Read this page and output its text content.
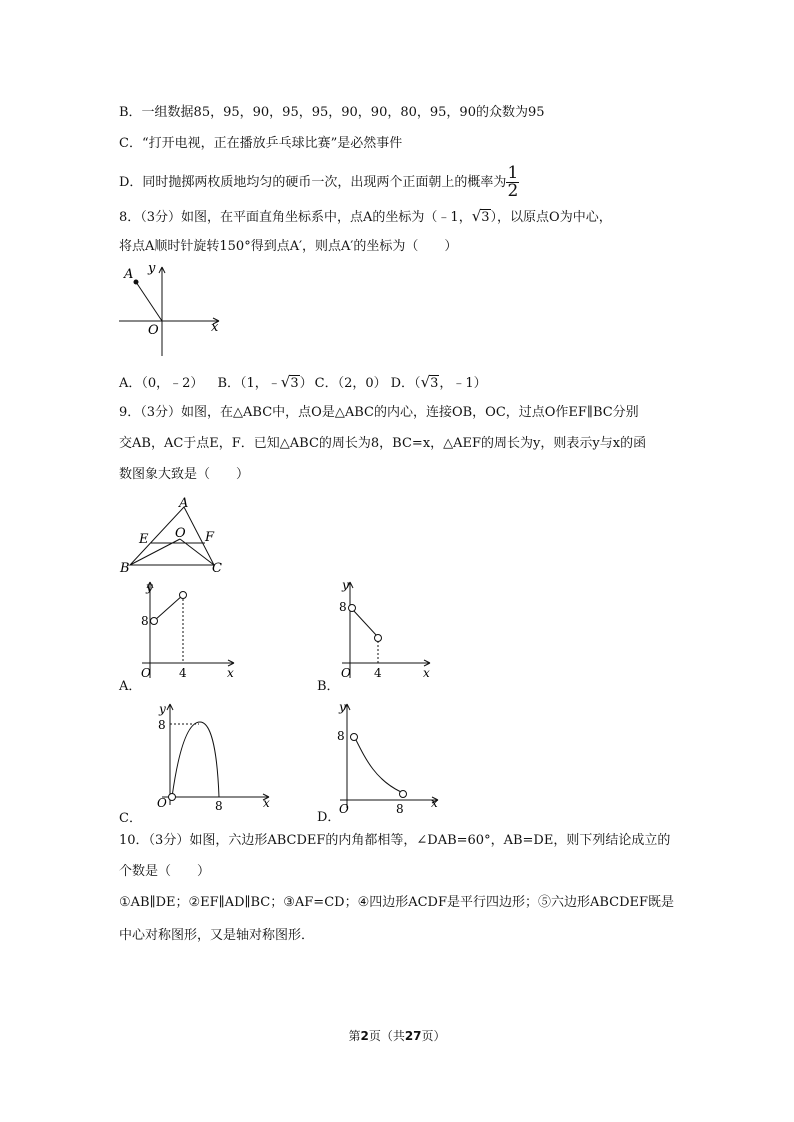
B．一组数据85，95，90，95，95，90，90，80，95，90的众数为95
C．“打开电视，正在播放乒乓球比赛”是必然事件
D．同时抛掷两枚质地均匀的硬币一次，出现两个正面朝上的概率为 $\frac{1}{2}$
8．（3分）如图，在平面直角坐标系中，点A的坐标为（﹣1，√3），以原点O为中心，
将点A顺时针旋转150°得到点A′，则点A′的坐标为（　　）
A y
O	x
A．（0，﹣2） B．（1，﹣√3） C．（2，0） D．（√3，﹣1）
9．（3分）如图，在△ABC中，点O是△ABC的内心，连接OB，OC，过点O作EF∥BC分别
交AB，AC于点E，F．已知△ABC的周长为8，BC=x，△AEF的周长为y，则表示y与x的函
数图象大致是（　　）
A
E O F
B	C
y
8
O 4	x
A．
y
8
O 4	x
B．
y
8
O	8	x
C．
y
8
O	8 x
D．
10．（3分）如图，六边形ABCDEF的内角都相等，∠DAB=60°，AB=DE，则下列结论成立的
个数是（　　）
①AB∥DE；②EF∥AD∥BC；③AF=CD；④四边形ACDF是平行四边形；⑤六边形ABCDEF既是
中心对称图形，又是轴对称图形．
第2页（共27页）
